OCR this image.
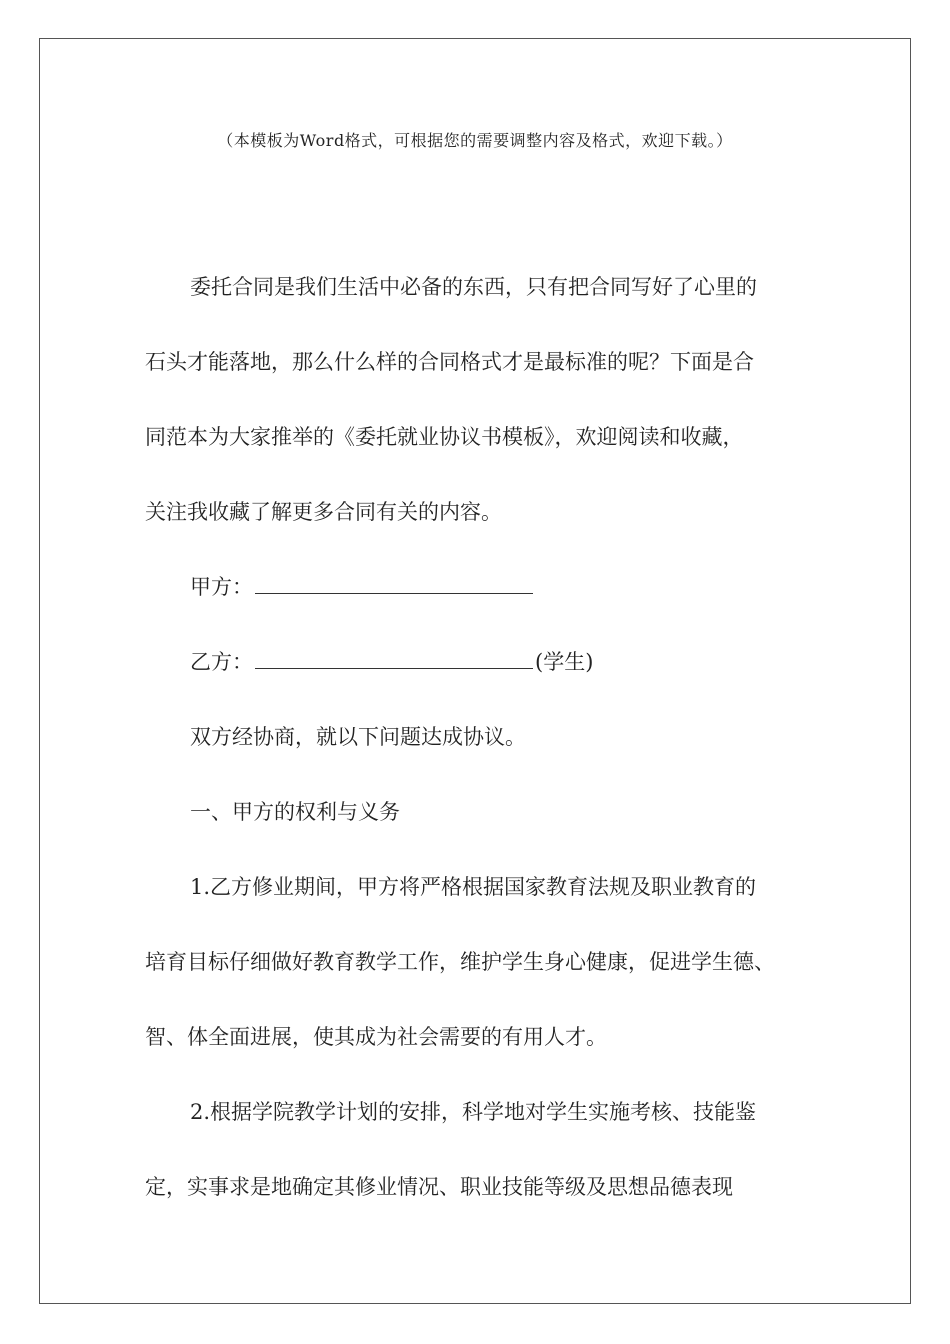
（本模板为Word格式，可根据您的需要调整内容及格式，欢迎下载。）
委托合同是我们生活中必备的东西，只有把合同写好了心里的
石头才能落地，那么什么样的合同格式才是最标准的呢？下面是合
同范本为大家推举的《委托就业协议书模板》，欢迎阅读和收藏，
关注我收藏了解更多合同有关的内容。
甲方：
乙方：	(学生)
双方经协商，就以下问题达成协议。
一、甲方的权利与义务
1.乙方修业期间，甲方将严格根据国家教育法规及职业教育的
培育目标仔细做好教育教学工作，维护学生身心健康，促进学生德、
智、体全面进展，使其成为社会需要的有用人才。
2.根据学院教学计划的安排，科学地对学生实施考核、技能鉴
定，实事求是地确定其修业情况、职业技能等级及思想品德表现
